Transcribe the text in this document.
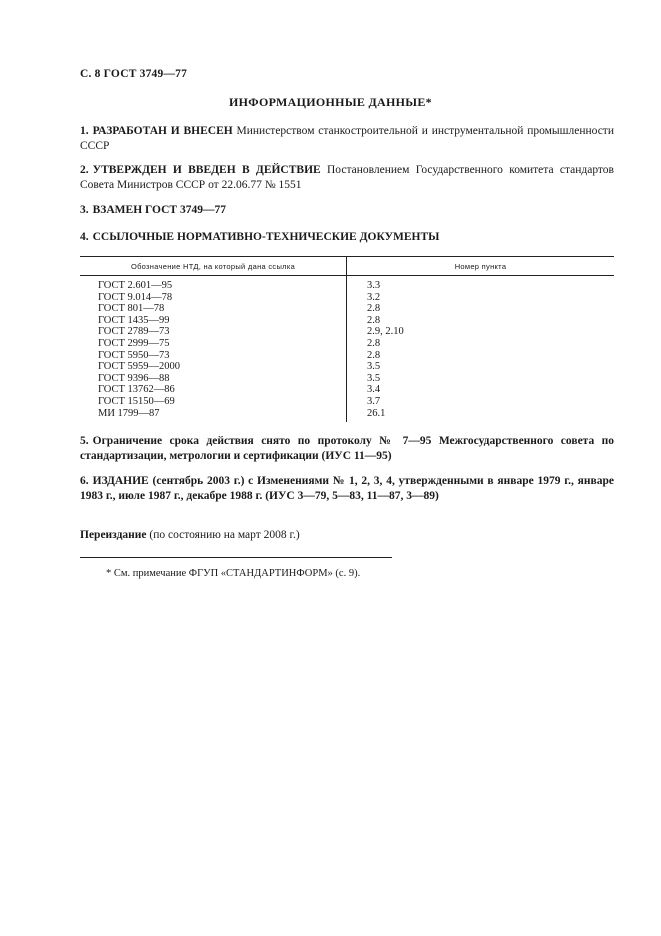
С. 8 ГОСТ 3749—77
ИНФОРМАЦИОННЫЕ ДАННЫЕ*
1. РАЗРАБОТАН И ВНЕСЕН Министерством станкостроительной и инструментальной промышленности СССР
2. УТВЕРЖДЕН И ВВЕДЕН В ДЕЙСТВИЕ Постановлением Государственного комитета стандартов Совета Министров СССР от 22.06.77 № 1551
3. ВЗАМЕН ГОСТ 3749—77
4. ССЫЛОЧНЫЕ НОРМАТИВНО-ТЕХНИЧЕСКИЕ ДОКУМЕНТЫ
Обозначение НТД, на который дана ссылка	Номер пункта
ГОСТ 2.601—95	3.3
ГОСТ 9.014—78	3.2
ГОСТ 801—78	2.8
ГОСТ 1435—99	2.8
ГОСТ 2789—73	2.9, 2.10
ГОСТ 2999—75	2.8
ГОСТ 5950—73	2.8
ГОСТ 5959—2000	3.5
ГОСТ 9396—88	3.5
ГОСТ 13762—86	3.4
ГОСТ 15150—69	3.7
МИ 1799—87	26.1
5. Ограничение срока действия снято по протоколу № 7—95 Межгосударственного совета по стандартизации, метрологии и сертификации (ИУС 11—95)
6. ИЗДАНИЕ (сентябрь 2003 г.) с Изменениями № 1, 2, 3, 4, утвержденными в январе 1979 г., январе 1983 г., июле 1987 г., декабре 1988 г. (ИУС 3—79, 5—83, 11—87, 3—89)
Переиздание (по состоянию на март 2008 г.)
* См. примечание ФГУП «СТАНДАРТИНФОРМ» (с. 9).
